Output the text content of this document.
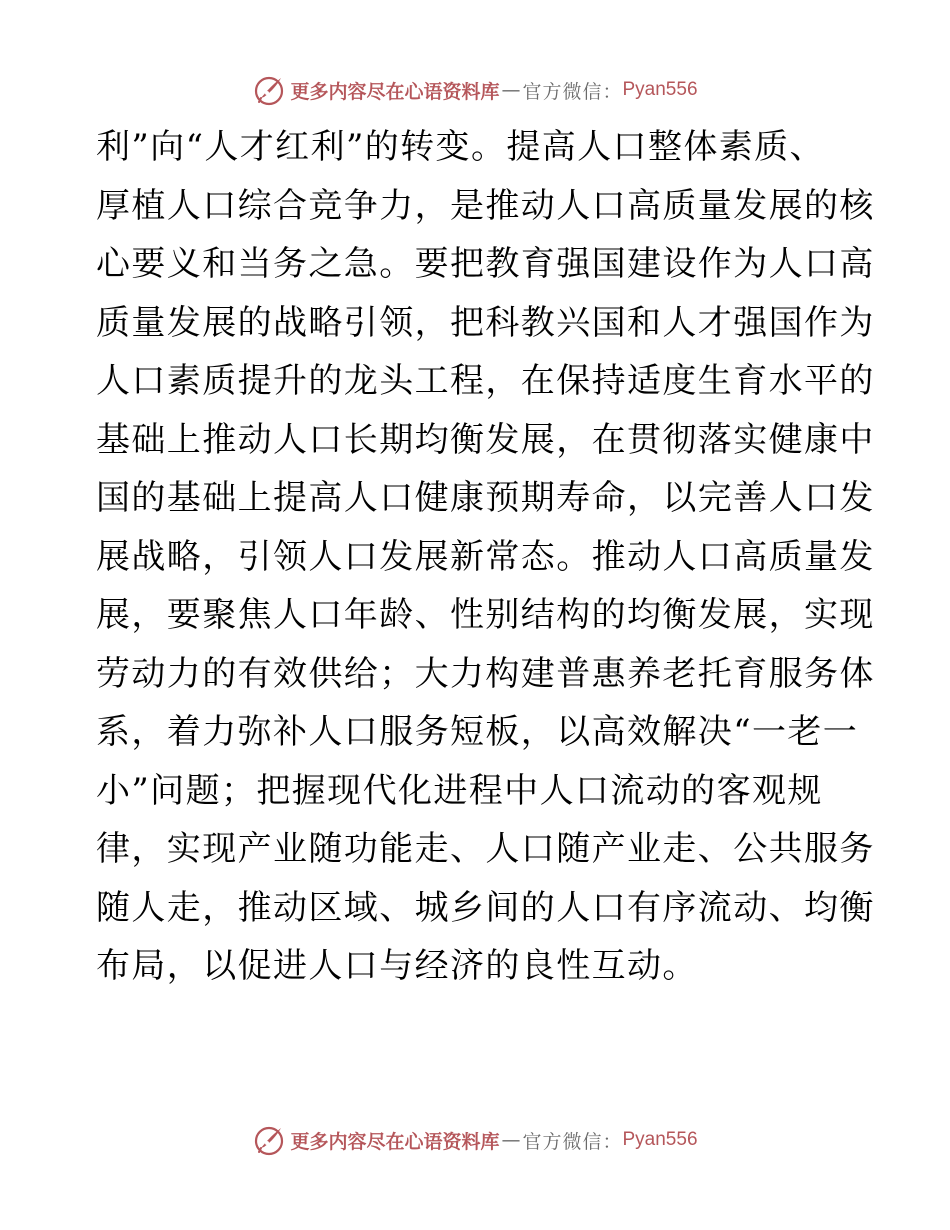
更多内容尽在心语资料库 — 官方微信： Pyan556

利”向“人才红利”的转变。提高人口整体素质、

厚植人口综合竞争力，是推动人口高质量发展的核

心要义和当务之急。要把教育强国建设作为人口高

质量发展的战略引领，把科教兴国和人才强国作为

人口素质提升的龙头工程，在保持适度生育水平的

基础上推动人口长期均衡发展，在贯彻落实健康中

国的基础上提高人口健康预期寿命，以完善人口发

展战略，引领人口发展新常态。推动人口高质量发

展，要聚焦人口年龄、性别结构的均衡发展，实现

劳动力的有效供给；大力构建普惠养老托育服务体

系，着力弥补人口服务短板，以高效解决“一老一

小”问题；把握现代化进程中人口流动的客观规

律，实现产业随功能走、人口随产业走、公共服务

随人走，推动区域、城乡间的人口有序流动、均衡

布局，以促进人口与经济的良性互动。

更多内容尽在心语资料库 — 官方微信： Pyan556
